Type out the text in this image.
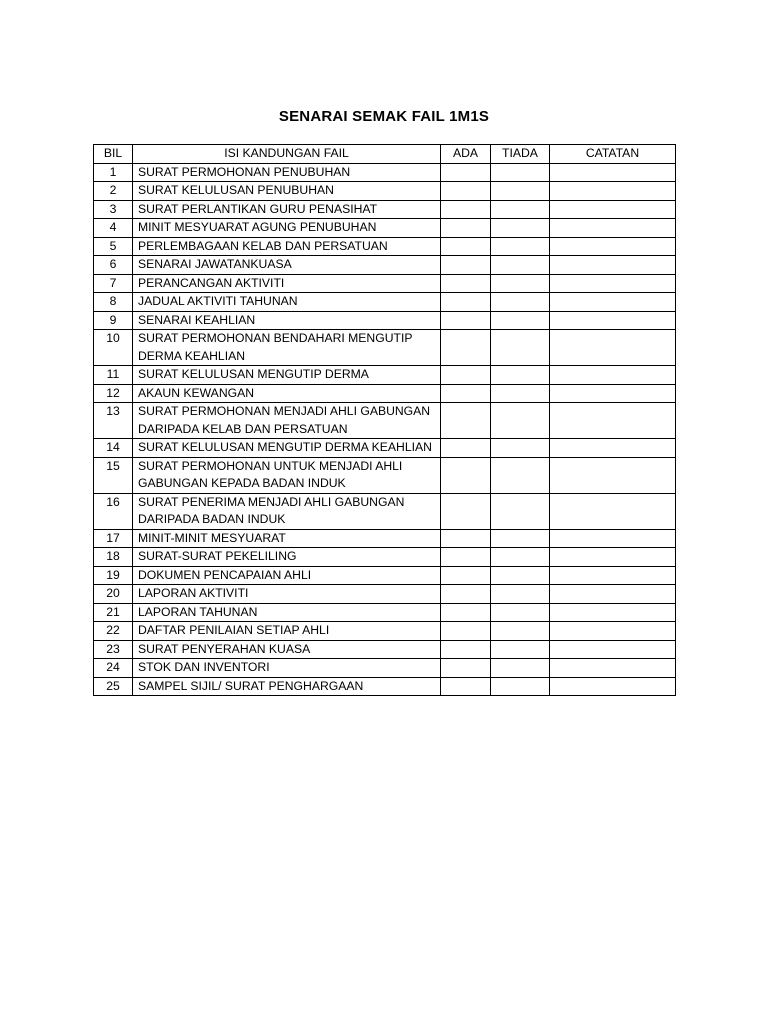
SENARAI SEMAK FAIL 1M1S
BIL	ISI KANDUNGAN FAIL	ADA	TIADA	CATATAN
1	SURAT PERMOHONAN PENUBUHAN			
2	SURAT KELULUSAN PENUBUHAN			
3	SURAT PERLANTIKAN GURU PENASIHAT			
4	MINIT MESYUARAT AGUNG PENUBUHAN			
5	PERLEMBAGAAN KELAB DAN PERSATUAN			
6	SENARAI JAWATANKUASA			
7	PERANCANGAN AKTIVITI			
8	JADUAL AKTIVITI TAHUNAN			
9	SENARAI KEAHLIAN			
10	SURAT PERMOHONAN BENDAHARI MENGUTIP DERMA KEAHLIAN			
11	SURAT KELULUSAN MENGUTIP DERMA			
12	AKAUN KEWANGAN			
13	SURAT PERMOHONAN MENJADI AHLI GABUNGAN DARIPADA KELAB DAN PERSATUAN			
14	SURAT KELULUSAN MENGUTIP DERMA KEAHLIAN			
15	SURAT PERMOHONAN UNTUK MENJADI AHLI GABUNGAN KEPADA BADAN INDUK			
16	SURAT PENERIMA MENJADI AHLI GABUNGAN DARIPADA BADAN INDUK			
17	MINIT-MINIT MESYUARAT			
18	SURAT-SURAT PEKELILING			
19	DOKUMEN PENCAPAIAN AHLI			
20	LAPORAN AKTIVITI			
21	LAPORAN TAHUNAN			
22	DAFTAR PENILAIAN SETIAP AHLI			
23	SURAT PENYERAHAN KUASA			
24	STOK DAN INVENTORI			
25	SAMPEL SIJIL/ SURAT PENGHARGAAN			
